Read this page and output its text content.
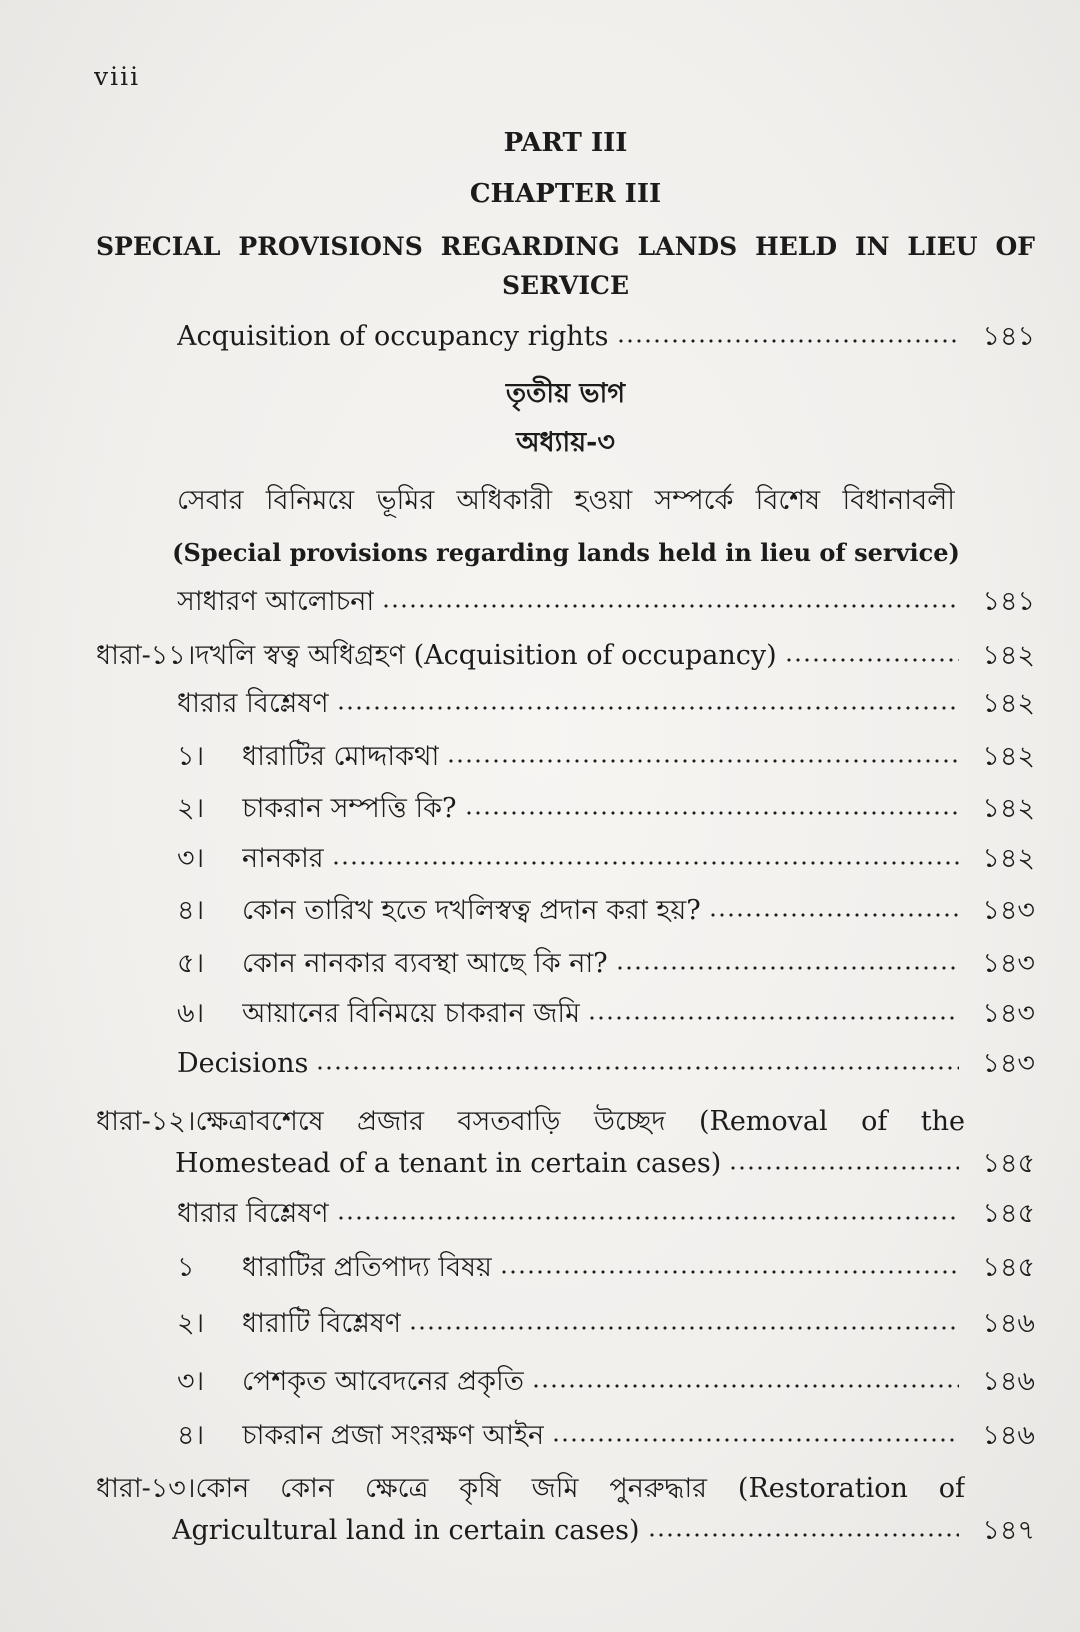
viii
PART III
CHAPTER III
SPECIAL PROVISIONS REGARDING LANDS HELD IN LIEU OF
SERVICE
Acquisition of occupancy rights	১৪১
তৃতীয় ভাগ
অধ্যায়-৩
সেবার বিনিময়ে ভূমির অধিকারী হওয়া সম্পর্কে বিশেষ বিধানাবলী
(Special provisions regarding lands held in lieu of service)
সাধারণ আলোচনা	১৪১
ধারা-১১। দখলি স্বত্ব অধিগ্রহণ (Acquisition of occupancy)	১৪২
ধারার বিশ্লেষণ	১৪২
১।	ধারাটির মোদ্দাকথা	১৪২
২।	চাকরান সম্পত্তি কি?	১৪২
৩।	নানকার	১৪২
৪।	কোন তারিখ হতে দখলিস্বত্ব প্রদান করা হয়?	১৪৩
৫।	কোন নানকার ব্যবস্থা আছে কি না?	১৪৩
৬।	আয়ানের বিনিময়ে চাকরান জমি	১৪৩
Decisions	১৪৩
ধারা-১২। ক্ষেত্রাবশেষে প্রজার বসতবাড়ি উচ্ছেদ (Removal of the
Homestead of a tenant in certain cases)	১৪৫
ধারার বিশ্লেষণ	১৪৫
১	ধারাটির প্রতিপাদ্য বিষয়	১৪৫
২।	ধারাটি বিশ্লেষণ	১৪৬
৩।	পেশকৃত আবেদনের প্রকৃতি	১৪৬
৪।	চাকরান প্রজা সংরক্ষণ আইন	১৪৬
ধারা-১৩। কোন কোন ক্ষেত্রে কৃষি জমি পুনরুদ্ধার (Restoration of
Agricultural land in certain cases)	১৪৭
